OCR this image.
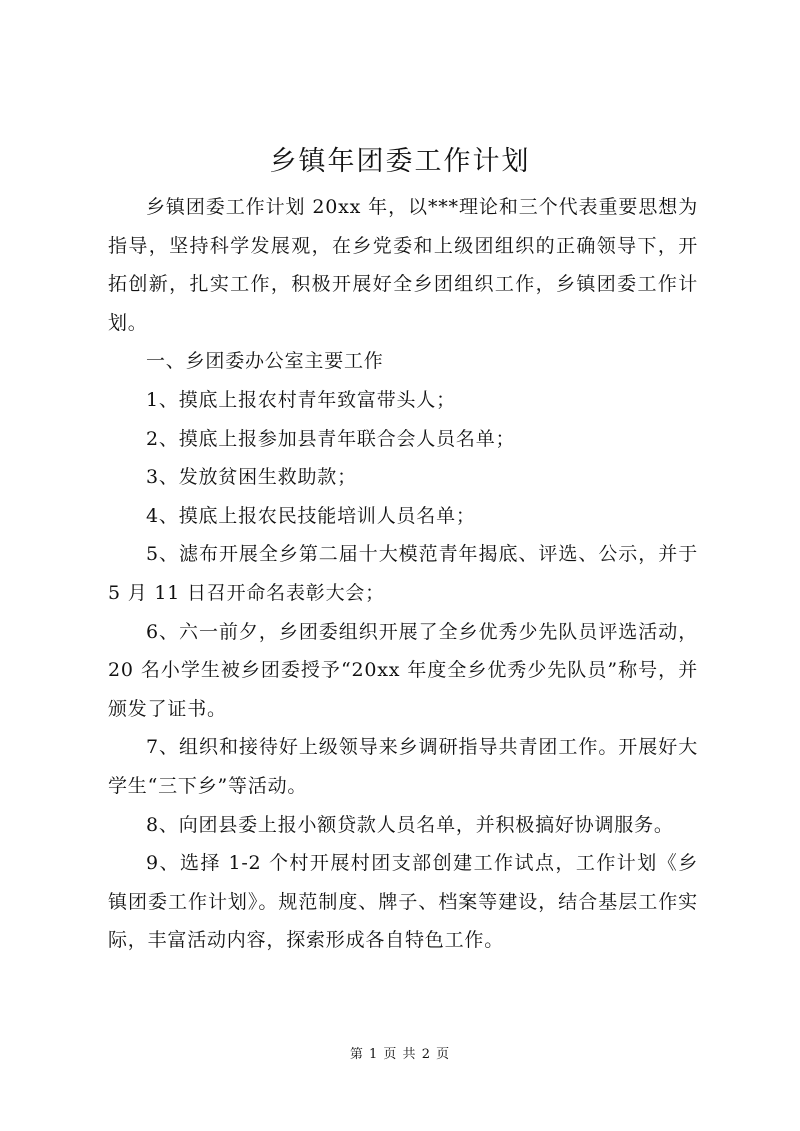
乡镇年团委工作计划

乡镇团委工作计划 20xx 年，以***理论和三个代表重要思想为指导，坚持科学发展观，在乡党委和上级团组织的正确领导下，开拓创新，扎实工作，积极开展好全乡团组织工作，乡镇团委工作计划。

一、乡团委办公室主要工作

1、摸底上报农村青年致富带头人；

2、摸底上报参加县青年联合会人员名单；

3、发放贫困生救助款；

4、摸底上报农民技能培训人员名单；

5、滤布开展全乡第二届十大模范青年揭底、评选、公示，并于 5 月 11 日召开命名表彰大会；

6、六一前夕，乡团委组织开展了全乡优秀少先队员评选活动，20 名小学生被乡团委授予“20xx 年度全乡优秀少先队员”称号，并颁发了证书。

7、组织和接待好上级领导来乡调研指导共青团工作。开展好大学生“三下乡”等活动。

8、向团县委上报小额贷款人员名单，并积极搞好协调服务。

9、选择 1-2 个村开展村团支部创建工作试点，工作计划《乡镇团委工作计划》。规范制度、牌子、档案等建设，结合基层工作实际，丰富活动内容，探索形成各自特色工作。

第 1 页 共 2 页
